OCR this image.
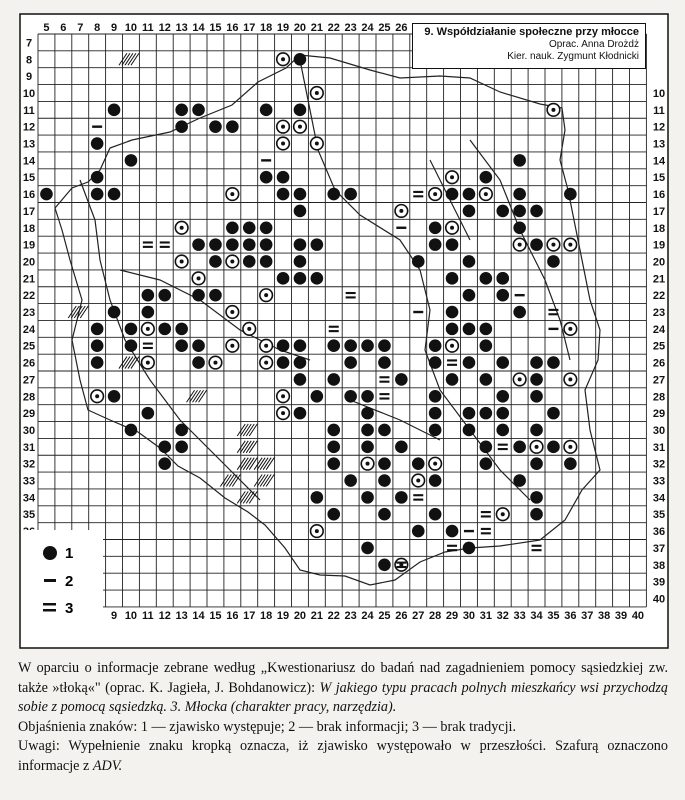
5 6 7 8 9 10 11 12 13 14 15 16 17 18 19 20 21 22 23 24 25 26
9 10 11 12 13 14 15 16 17 18 19 20 21 22 23 24 25 26 27 28 29 30 31 32 33 34 35 36 37 38 39 40
7
8
9
10
11
12
13
14
15
16
17
18
19
20
21
22
23
24
25
26
27
28
29
30
31
32
33
34
35
10
11
12
13
14
15
16
17
18
19
20
21
22
23
24
25
26
27
28
29
30
31
32
33
34
35
36
37
38
39
40
1
2
3
9. Współdziałanie społeczne przy młocce
Oprac. Anna Drożdż
Kier. nauk. Zygmunt Kłodnicki

W oparciu o informacje zebrane według „Kwestionariusz do badań nad zagadnieniem pomocy sąsiedzkiej zw. także »tłoką«" (oprac. K. Jagieła, J. Bohdanowicz): W jakiego typu pracach polnych mieszkańcy wsi przychodzą sobie z pomocą sąsiedzką. 3. Młocka (charakter pracy, narzędzia).

Objaśnienia znaków: 1 — zjawisko występuje; 2 — brak informacji; 3 — brak tradycji.

Uwagi: Wypełnienie znaku kropką oznacza, iż zjawisko występowało w przeszłości. Szafurą oznaczono informacje z ADV.
